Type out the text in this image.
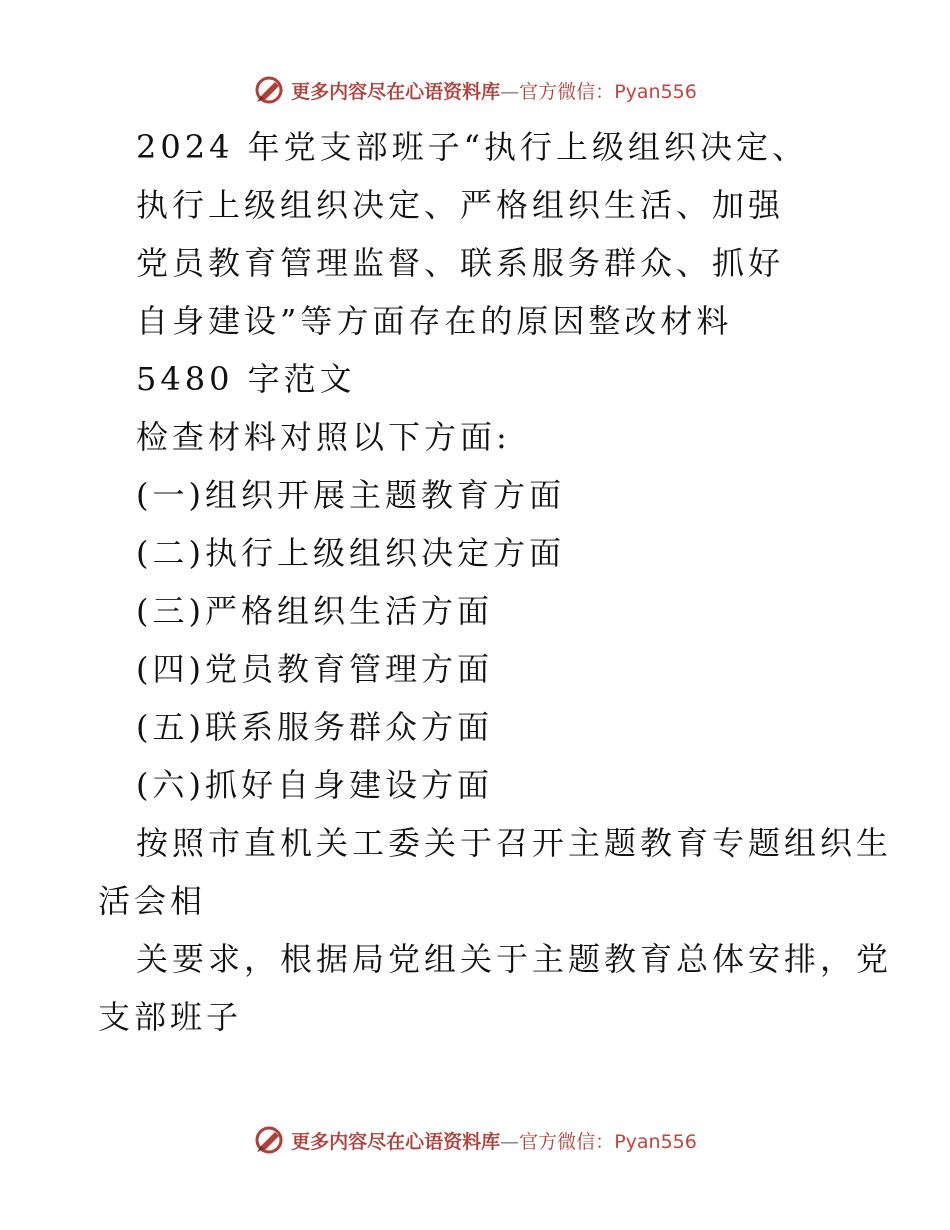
更多内容尽在心语资料库—官方微信：Pyan556
2024 年党支部班子“执行上级组织决定、
执行上级组织决定、严格组织生活、加强
党员教育管理监督、联系服务群众、抓好
自身建设”等方面存在的原因整改材料
5480 字范文
检查材料对照以下方面:
(一)组织开展主题教育方面
(二)执行上级组织决定方面
(三)严格组织生活方面
(四)党员教育管理方面
(五)联系服务群众方面
(六)抓好自身建设方面
按照市直机关工委关于召开主题教育专题组织生
活会相
关要求，根据局党组关于主题教育总体安排，党
支部班子
更多内容尽在心语资料库—官方微信：Pyan556
